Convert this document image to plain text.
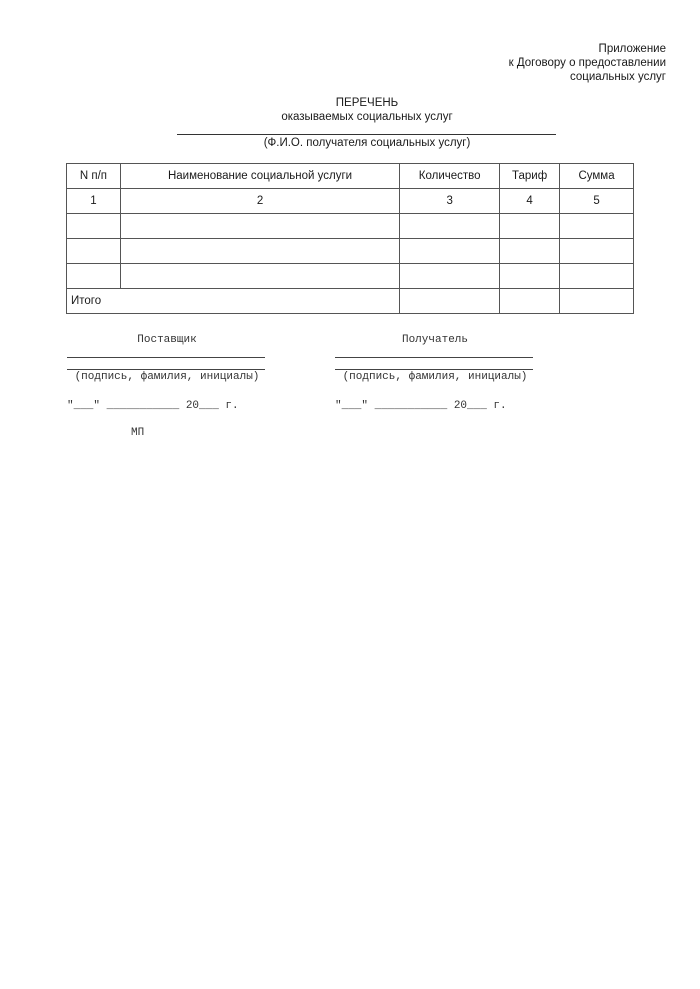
Приложение
к Договору о предоставлении
социальных услуг
ПЕРЕЧЕНЬ
оказываемых социальных услуг
(Ф.И.О. получателя социальных услуг)
N п/п	Наименование социальной услуги	Количество	Тариф	Сумма
1	2	3	4	5

Итого				
Поставщик
(подпись, фамилия, инициалы)
"___" ___________ 20___ г.
Получатель
(подпись, фамилия, инициалы)
"___" ___________ 20___ г.
МП
